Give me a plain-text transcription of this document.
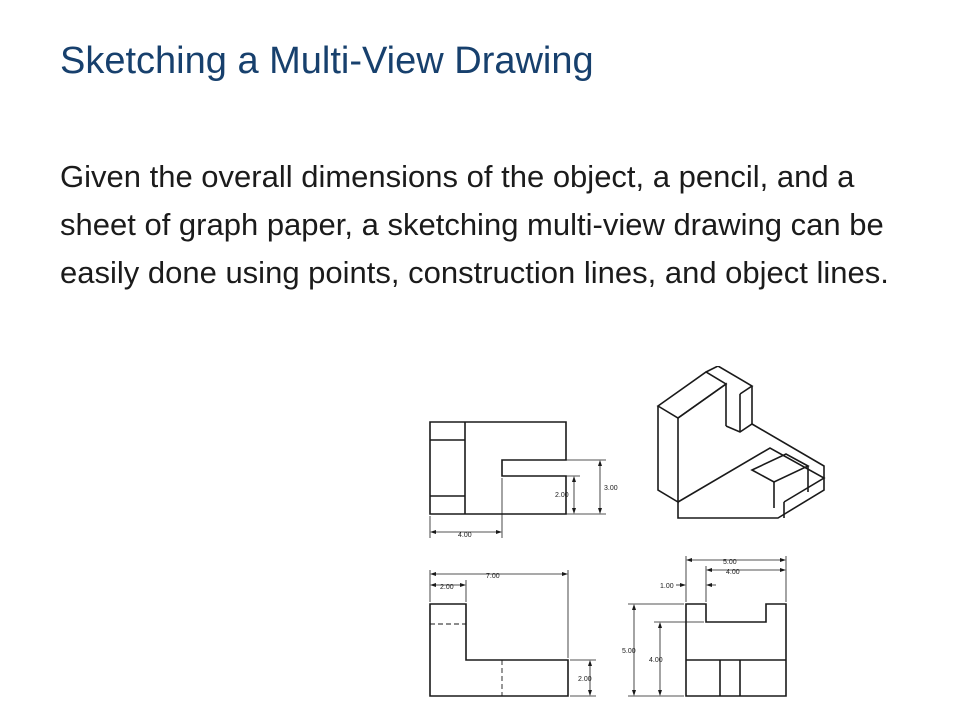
Sketching a Multi-View Drawing

Given the overall dimensions of the object, a pencil, and a sheet of graph paper, a sketching multi-view drawing can be easily done using points, construction lines, and object lines.

3.00
2.00
4.00
7.00
2.00
2.00
5.00
4.00
1.00
5.00
4.00
